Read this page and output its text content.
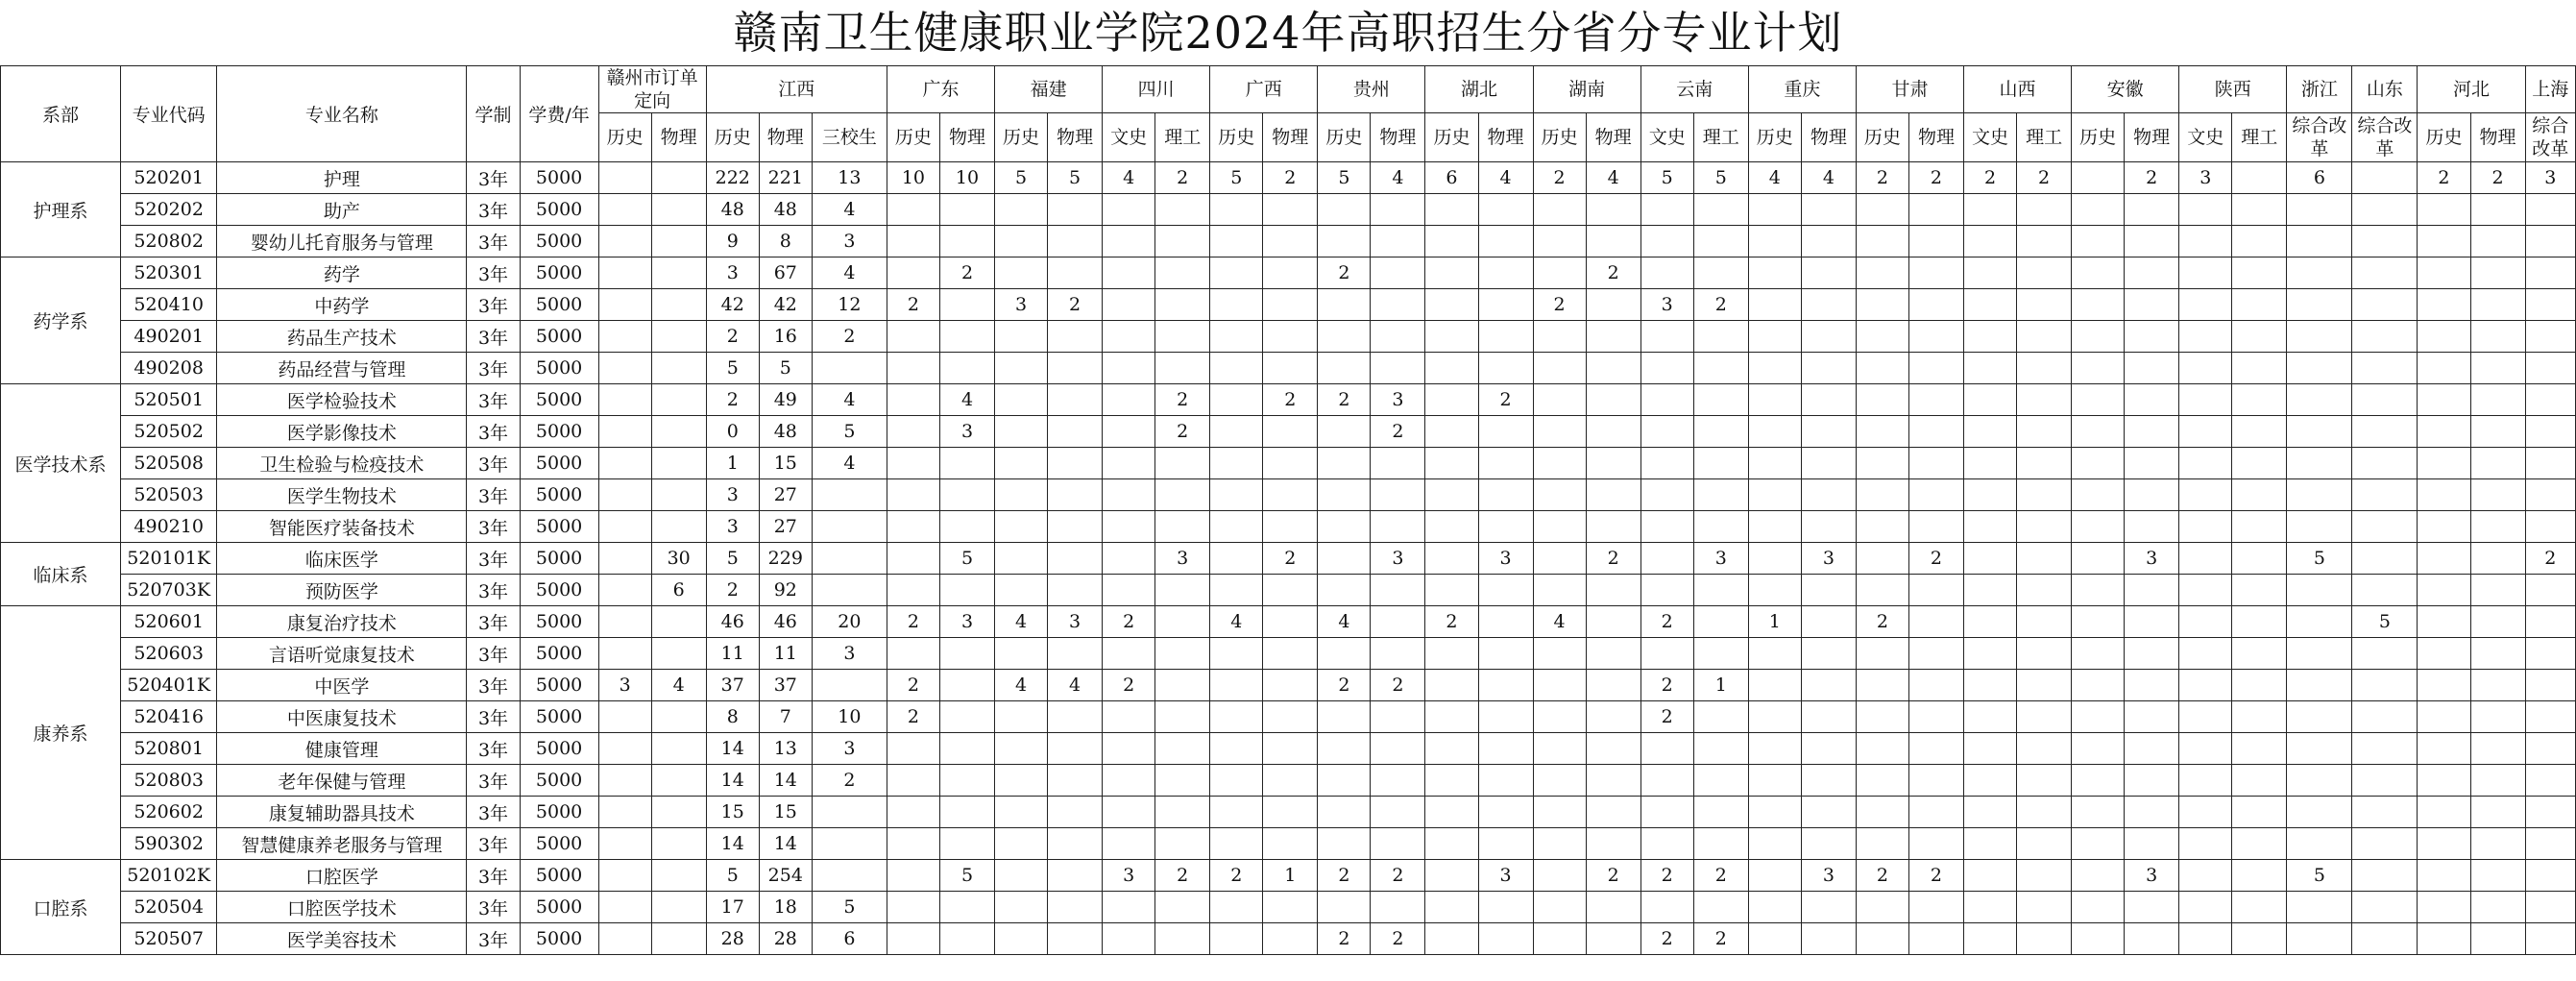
赣南卫生健康职业学院2024年高职招生分省分专业计划
系部	专业代码	专业名称	学制	学费/年	赣州市订单定向		江西			广东		福建		四川		广西		贵州		湖北		湖南		云南		重庆		甘肃		山西		安徽		陕西		浙江	山东	河北		上海
					历史	物理	历史	物理	三校生	历史	物理	历史	物理	文史	理工	历史	物理	历史	物理	历史	物理	历史	物理	文史	理工	历史	物理	历史	物理	文史	理工	历史	物理	文史	理工	综合改革	综合改革	历史	物理	综合改革
护理系	520201	护理	3年	5000			222	221	13	10	10	5	5	4	2	5	2	5	4	6	4	2	4	5	5	4	4	2	2	2	2		2	3		6		2	2	3
	520202	助产	3年	5000			48	48	4																															
	520802	婴幼儿托育服务与管理	3年	5000			9	8	3																															
药学系	520301	药学	3年	5000			3	67	4		2							2					2																	
	520410	中药学	3年	5000			42	42	12	2		3	2									2		3	2															
	490201	药品生产技术	3年	5000			2	16	2																															
	490208	药品经营与管理	3年	5000			5	5																																
医学技术系	520501	医学检验技术	3年	5000			2	49	4		4				2		2	2	3		2																			
	520502	医学影像技术	3年	5000			0	48	5		3				2				2																					
	520508	卫生检验与检疫技术	3年	5000			1	15	4																															
	520503	医学生物技术	3年	5000			3	27																																
	490210	智能医疗装备技术	3年	5000			3	27																																
临床系	520101K	临床医学	3年	5000		30	5	229			5				3		2		3		3		2		3		3		2				3			5				2
	520703K	预防医学	3年	5000		6	2	92																																
康养系	520601	康复治疗技术	3年	5000			46	46	20	2	3	4	3	2		4		4		2		4		2		1		2									5			
	520603	言语听觉康复技术	3年	5000			11	11	3																															
	520401K	中医学	3年	5000	3	4	37	37		2		4	4	2				2	2					2	1															
	520416	中医康复技术	3年	5000			8	7	10	2														2																
	520801	健康管理	3年	5000			14	13	3																															
	520803	老年保健与管理	3年	5000			14	14	2																															
	520602	康复辅助器具技术	3年	5000			15	15																																
	590302	智慧健康养老服务与管理	3年	5000			14	14																																
口腔系	520102K	口腔医学	3年	5000			5	254			5			3	2	2	1	2	2		3		2	2	2		3	2	2				3			5				
	520504	口腔医学技术	3年	5000			17	18	5																															
	520507	医学美容技术	3年	5000			28	28	6									2	2					2	2															
